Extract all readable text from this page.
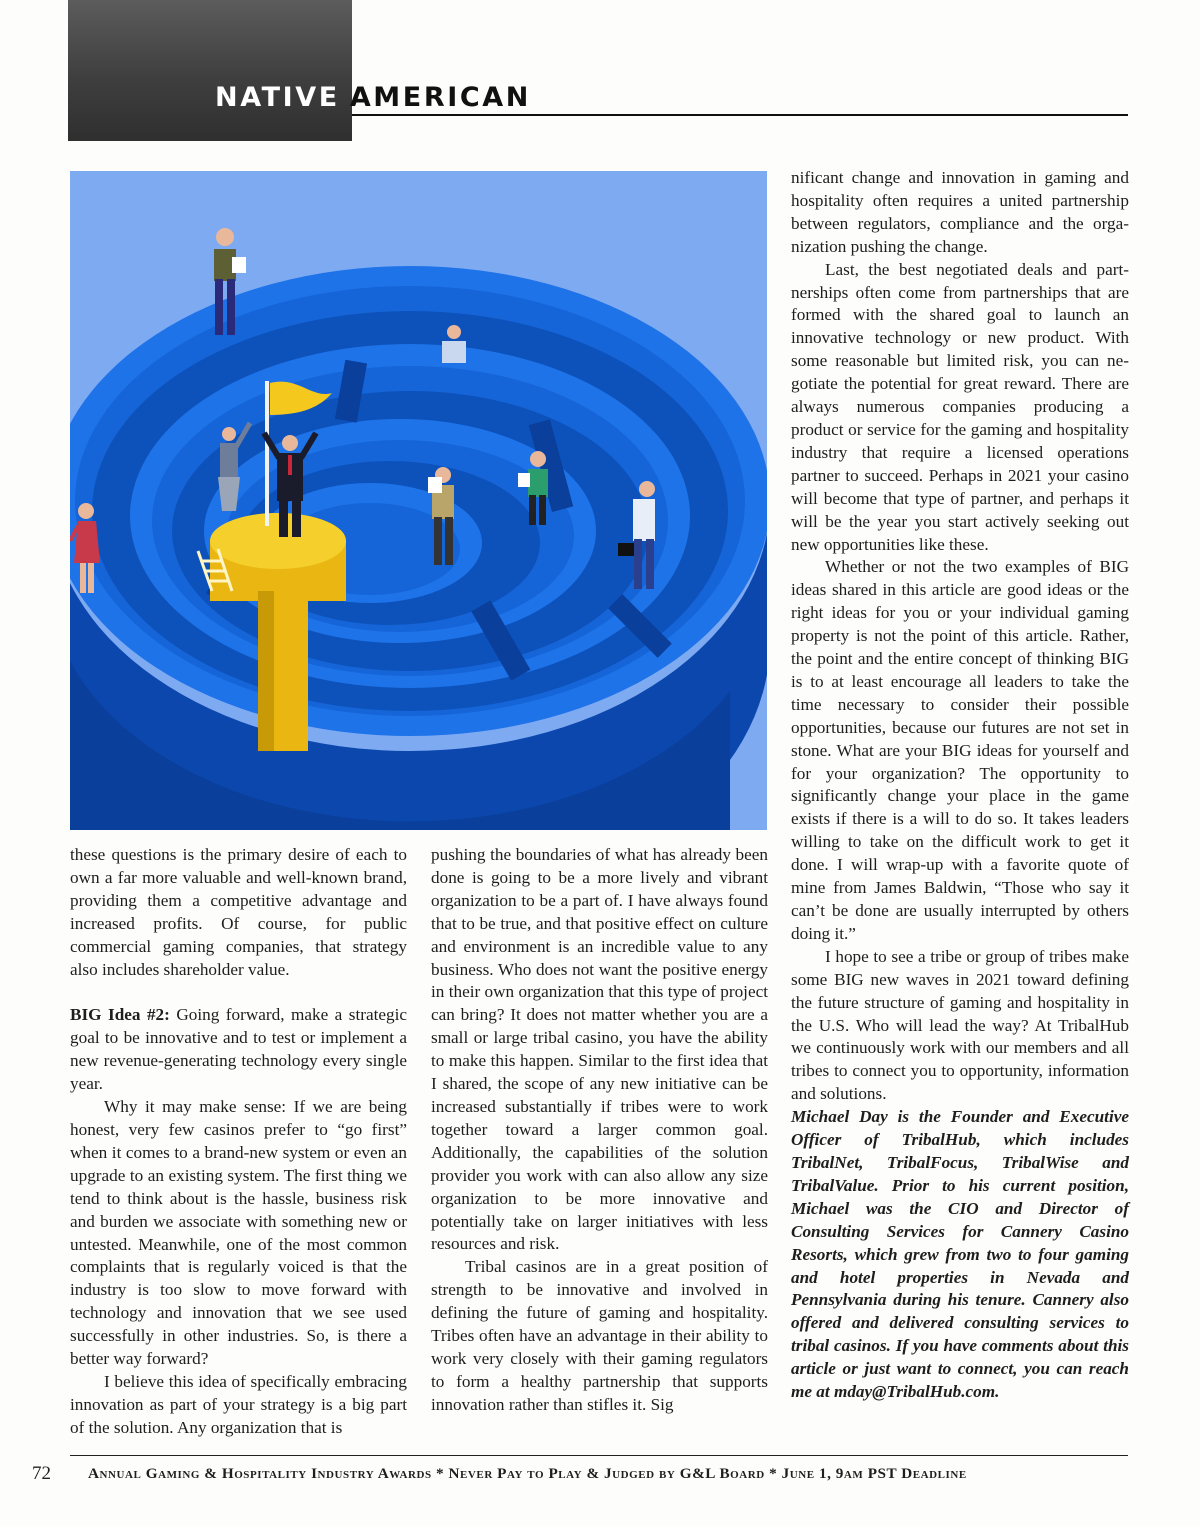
NATIVE AMERICAN

these questions is the primary desire of each to own a far more valuable and well-known brand, providing them a competitive advantage and increased profits. Of course, for public commercial gaming companies, that strategy also includes shareholder value.

BIG Idea #2: Going forward, make a strategic goal to be innovative and to test or implement a new revenue-generating technology every single year.

Why it may make sense: If we are being honest, very few casinos prefer to “go first” when it comes to a brand-new system or even an upgrade to an existing system. The first thing we tend to think about is the hassle, business risk and burden we associate with something new or untested. Meanwhile, one of the most common complaints that is regularly voiced is that the industry is too slow to move forward with technology and innovation that we see used successfully in other industries. So, is there a better way forward?

I believe this idea of specifically embracing innovation as part of your strategy is a big part of the solution. Any organization that is

pushing the boundaries of what has already been done is going to be a more lively and vibrant organization to be a part of. I have always found that to be true, and that positive effect on culture and environment is an incredible value to any business. Who does not want the positive energy in their own organization that this type of project can bring? It does not matter whether you are a small or large tribal casino, you have the ability to make this happen. Similar to the first idea that I shared, the scope of any new initiative can be increased substantially if tribes were to work together toward a larger common goal. Additionally, the capabilities of the solution provider you work with can also allow any size organization to be more innovative and potentially take on larger initiatives with less resources and risk.

Tribal casinos are in a great position of strength to be innovative and involved in defining the future of gaming and hospitality. Tribes often have an advantage in their ability to work very closely with their gaming regulators to form a healthy partnership that supports innovation rather than stifles it. Sig

nificant change and innovation in gaming and hospitality often requires a united partnership between regulators, compliance and the organization pushing the change.

Last, the best negotiated deals and partnerships often come from partnerships that are formed with the shared goal to launch an innovative technology or new product. With some reasonable but limited risk, you can negotiate the potential for great reward. There are always numerous companies producing a product or service for the gaming and hospitality industry that require a licensed operations partner to succeed. Perhaps in 2021 your casino will become that type of partner, and perhaps it will be the year you start actively seeking out new opportunities like these.

Whether or not the two examples of BIG ideas shared in this article are good ideas or the right ideas for you or your individual gaming property is not the point of this article. Rather, the point and the entire concept of thinking BIG is to at least encourage all leaders to take the time necessary to consider their possible opportunities, because our futures are not set in stone. What are your BIG ideas for yourself and for your organization? The opportunity to significantly change your place in the game exists if there is a will to do so. It takes leaders willing to take on the difficult work to get it done. I will wrap-up with a favorite quote of mine from James Baldwin, “Those who say it can’t be done are usually interrupted by others doing it.”

I hope to see a tribe or group of tribes make some BIG new waves in 2021 toward defining the future structure of gaming and hospitality in the U.S. Who will lead the way? At TribalHub we continuously work with our members and all tribes to connect you to opportunity, information and solutions.

Michael Day is the Founder and Executive Officer of TribalHub, which includes TribalNet, TribalFocus, TribalWise and TribalValue. Prior to his current position, Michael was the CIO and Director of Consulting Services for Cannery Casino Resorts, which grew from two to four gaming and hotel properties in Nevada and Pennsylvania during his tenure. Cannery also offered and delivered consulting services to tribal casinos. If you have comments about this article or just want to connect, you can reach me at mday@TribalHub.com.

72 Annual Gaming & Hospitality Industry Awards * Never Pay to Play & Judged by G&L Board * June 1, 9am PST Deadline
